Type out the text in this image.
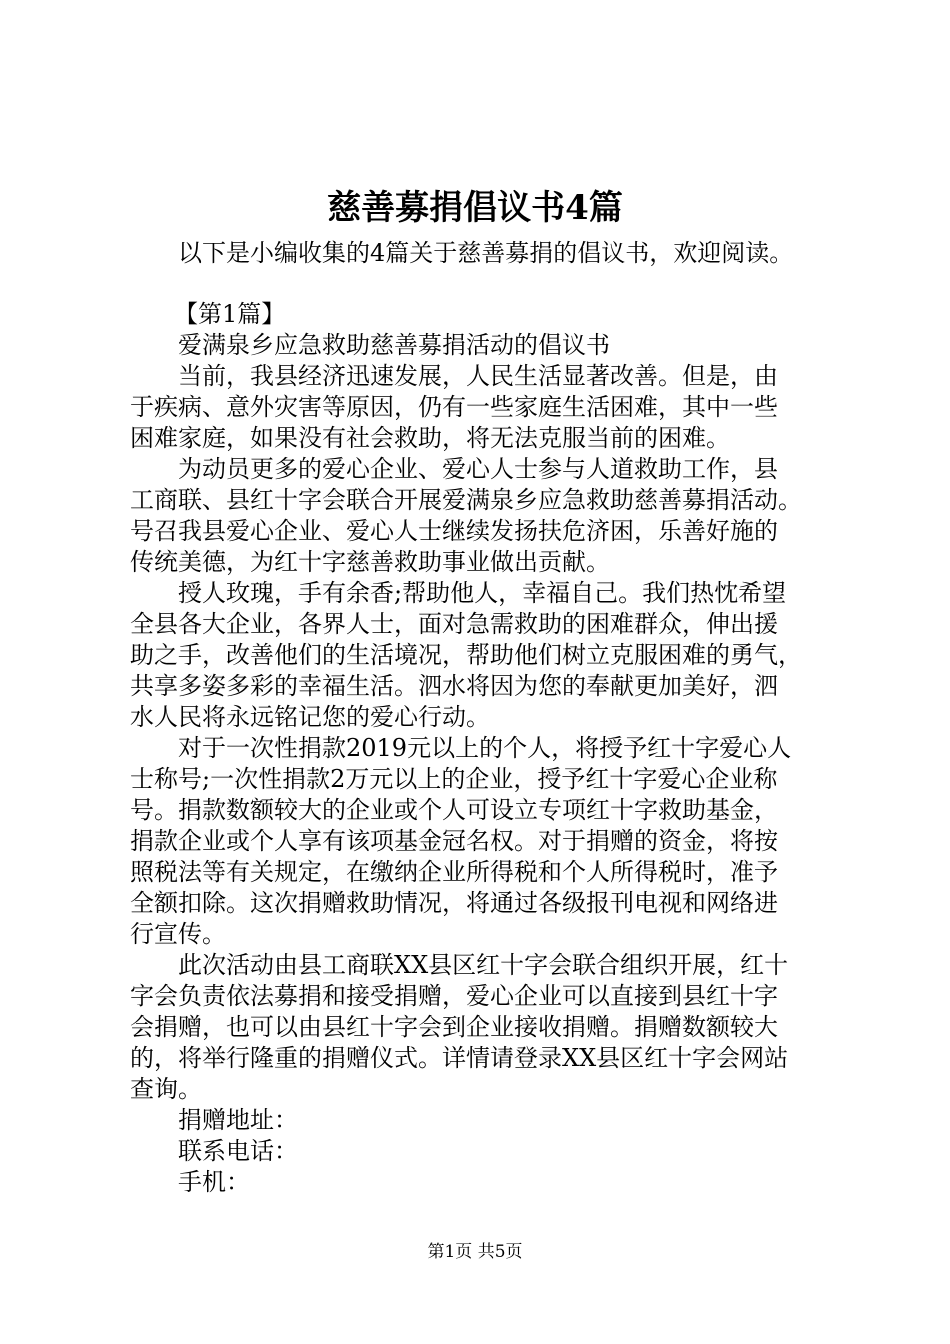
慈善募捐倡议书4篇

以下是小编收集的4篇关于慈善募捐的倡议书，欢迎阅读。

【第1篇】

爱满泉乡应急救助慈善募捐活动的倡议书

当前，我县经济迅速发展，人民生活显著改善。但是，由

于疾病、意外灾害等原因，仍有一些家庭生活困难，其中一些

困难家庭，如果没有社会救助，将无法克服当前的困难。

为动员更多的爱心企业、爱心人士参与人道救助工作，县

工商联、县红十字会联合开展爱满泉乡应急救助慈善募捐活动。

号召我县爱心企业、爱心人士继续发扬扶危济困，乐善好施的

传统美德，为红十字慈善救助事业做出贡献。

授人玫瑰，手有余香;帮助他人，幸福自己。我们热忱希望

全县各大企业，各界人士，面对急需救助的困难群众，伸出援

助之手，改善他们的生活境况，帮助他们树立克服困难的勇气，

共享多姿多彩的幸福生活。泗水将因为您的奉献更加美好，泗

水人民将永远铭记您的爱心行动。

对于一次性捐款2019元以上的个人，将授予红十字爱心人

士称号;一次性捐款2万元以上的企业，授予红十字爱心企业称

号。捐款数额较大的企业或个人可设立专项红十字救助基金，

捐款企业或个人享有该项基金冠名权。对于捐赠的资金，将按

照税法等有关规定，在缴纳企业所得税和个人所得税时，准予

全额扣除。这次捐赠救助情况，将通过各级报刊电视和网络进

行宣传。

此次活动由县工商联XX县区红十字会联合组织开展，红十

字会负责依法募捐和接受捐赠，爱心企业可以直接到县红十字

会捐赠，也可以由县红十字会到企业接收捐赠。捐赠数额较大

的，将举行隆重的捐赠仪式。详情请登录XX县区红十字会网站

查询。

捐赠地址：

联系电话：

手机：

第1页 共5页
